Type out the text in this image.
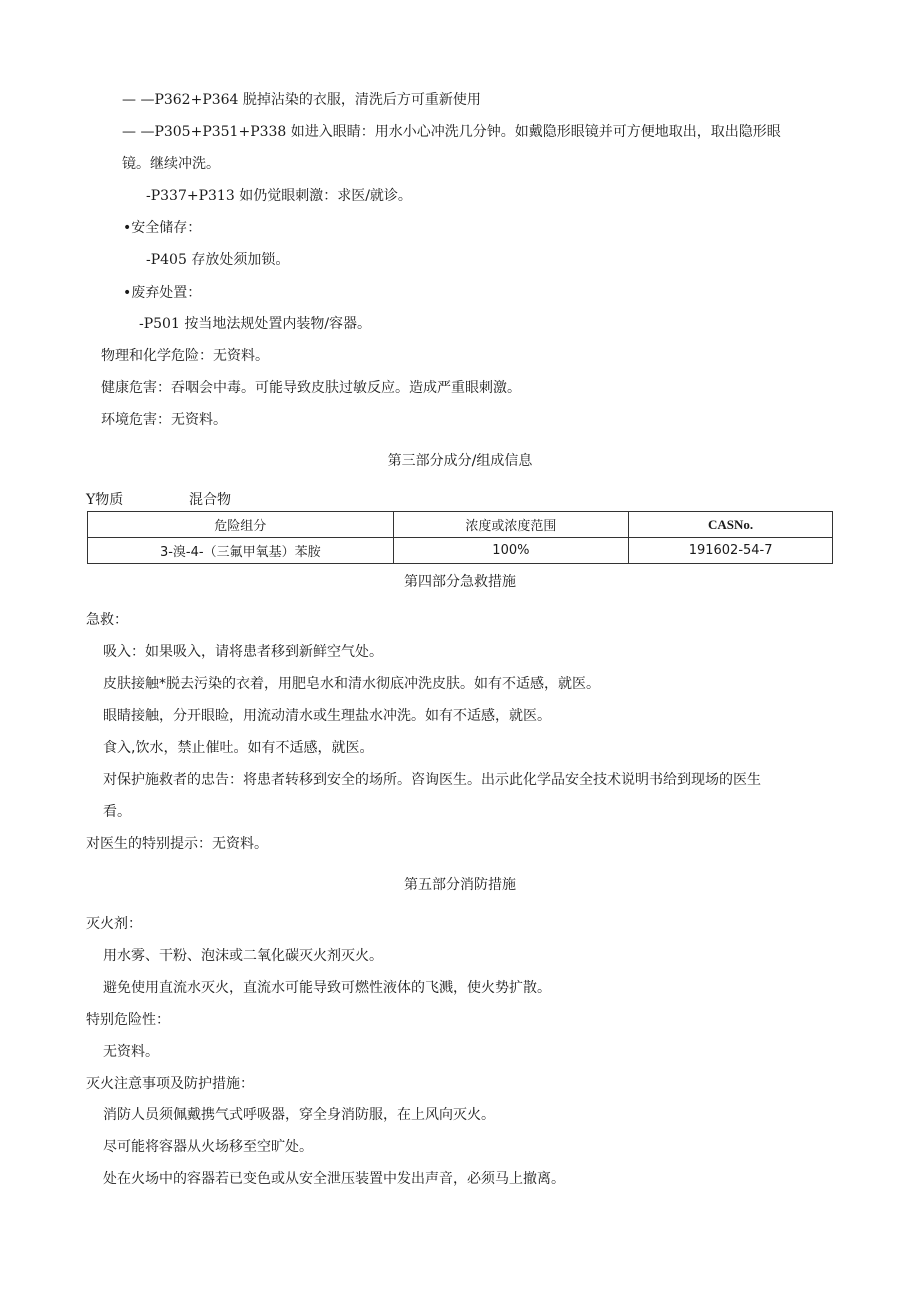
— —P362+P364 脱掉沾染的衣服，清洗后方可重新使用
— —P305+P351+P338 如进入眼睛：用水小心冲洗几分钟。如戴隐形眼镜并可方便地取出，取出隐形眼
镜。继续冲洗。
-P337+P313 如仍觉眼刺激：求医/就诊。
•安全储存：
-P405 存放处须加锁。
•废弃处置：
-P501 按当地法规处置内装物/容器。
物理和化学危险：无资料。
健康危害：吞咽会中毒。可能导致皮肤过敏反应。造成严重眼刺激。
环境危害：无资料。
第三部分成分/组成信息
Y物质	混合物
危险组分	浓度或浓度范围	CASNo.
3-溴-4-（三氟甲氧基）苯胺	100%	191602-54-7
第四部分急救措施
急救：
吸入：如果吸入，请将患者移到新鲜空气处。
皮肤接触*脱去污染的衣着，用肥皂水和清水彻底冲洗皮肤。如有不适感，就医。
眼睛接触，分开眼睑，用流动清水或生理盐水冲洗。如有不适感，就医。
食入,饮水，禁止催吐。如有不适感，就医。
对保护施救者的忠告：将患者转移到安全的场所。咨询医生。出示此化学品安全技术说明书给到现场的医生
看。
对医生的特别提示：无资料。
第五部分消防措施
灭火剂：
用水雾、干粉、泡沫或二氧化碳灭火剂灭火。
避免使用直流水灭火，直流水可能导致可燃性液体的飞溅，使火势扩散。
特别危险性：
无资料。
灭火注意事项及防护措施：
消防人员须佩戴携气式呼吸器，穿全身消防服，在上风向灭火。
尽可能将容器从火场移至空旷处。
处在火场中的容器若已变色或从安全泄压装置中发出声音，必须马上撤离。
